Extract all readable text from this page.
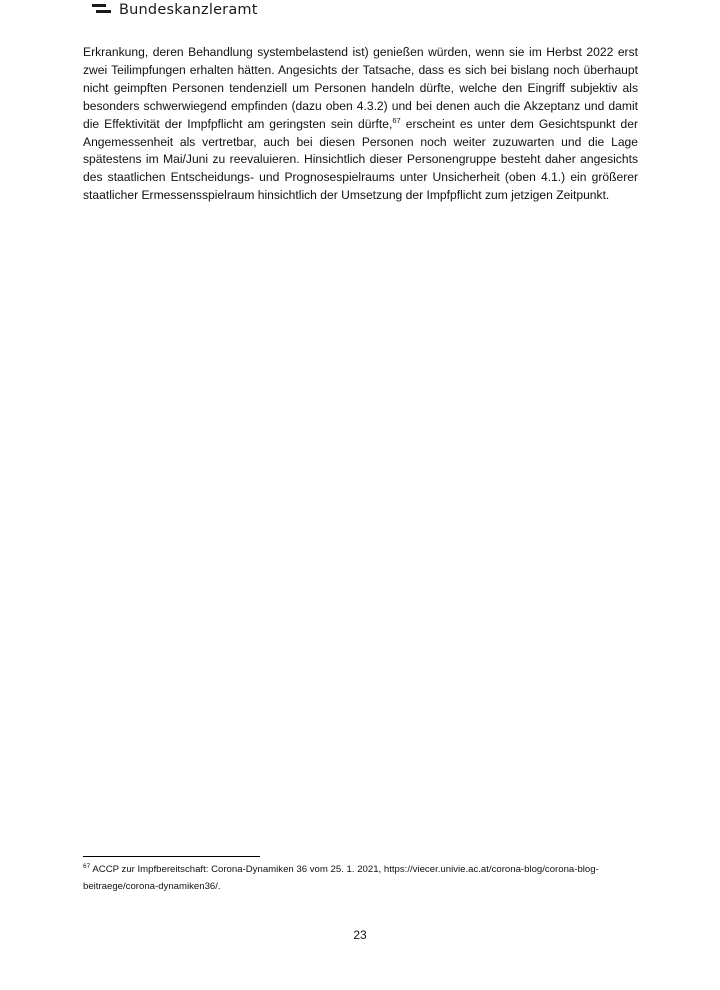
Bundeskanzleramt

Erkrankung, deren Behandlung systembelastend ist) genießen würden, wenn sie im Herbst 2022 erst zwei Teilimpfungen erhalten hätten. Angesichts der Tatsache, dass es sich bei bislang noch überhaupt nicht geimpften Personen tendenziell um Personen handeln dürfte, welche den Eingriff subjektiv als besonders schwerwiegend empfinden (dazu oben 4.3.2) und bei denen auch die Akzeptanz und damit die Effektivität der Impfpflicht am geringsten sein dürfte,$^{67}$ erscheint es unter dem Gesichtspunkt der Angemessenheit als vertretbar, auch bei diesen Personen noch weiter zuzuwarten und die Lage spätestens im Mai/Juni zu reevaluieren. Hinsichtlich dieser Personengruppe besteht daher angesichts des staatlichen Entscheidungs- und Prognosespielraums unter Unsicherheit (oben 4.1.) ein größerer staatlicher Ermessensspielraum hinsichtlich der Umsetzung der Impfpflicht zum jetzigen Zeitpunkt.

$^{67}$ ACCP zur Impfbereitschaft: Corona-Dynamiken 36 vom 25. 1. 2021, https://viecer.univie.ac.at/corona-blog/corona-blog-beitraege/corona-dynamiken36/.
23
